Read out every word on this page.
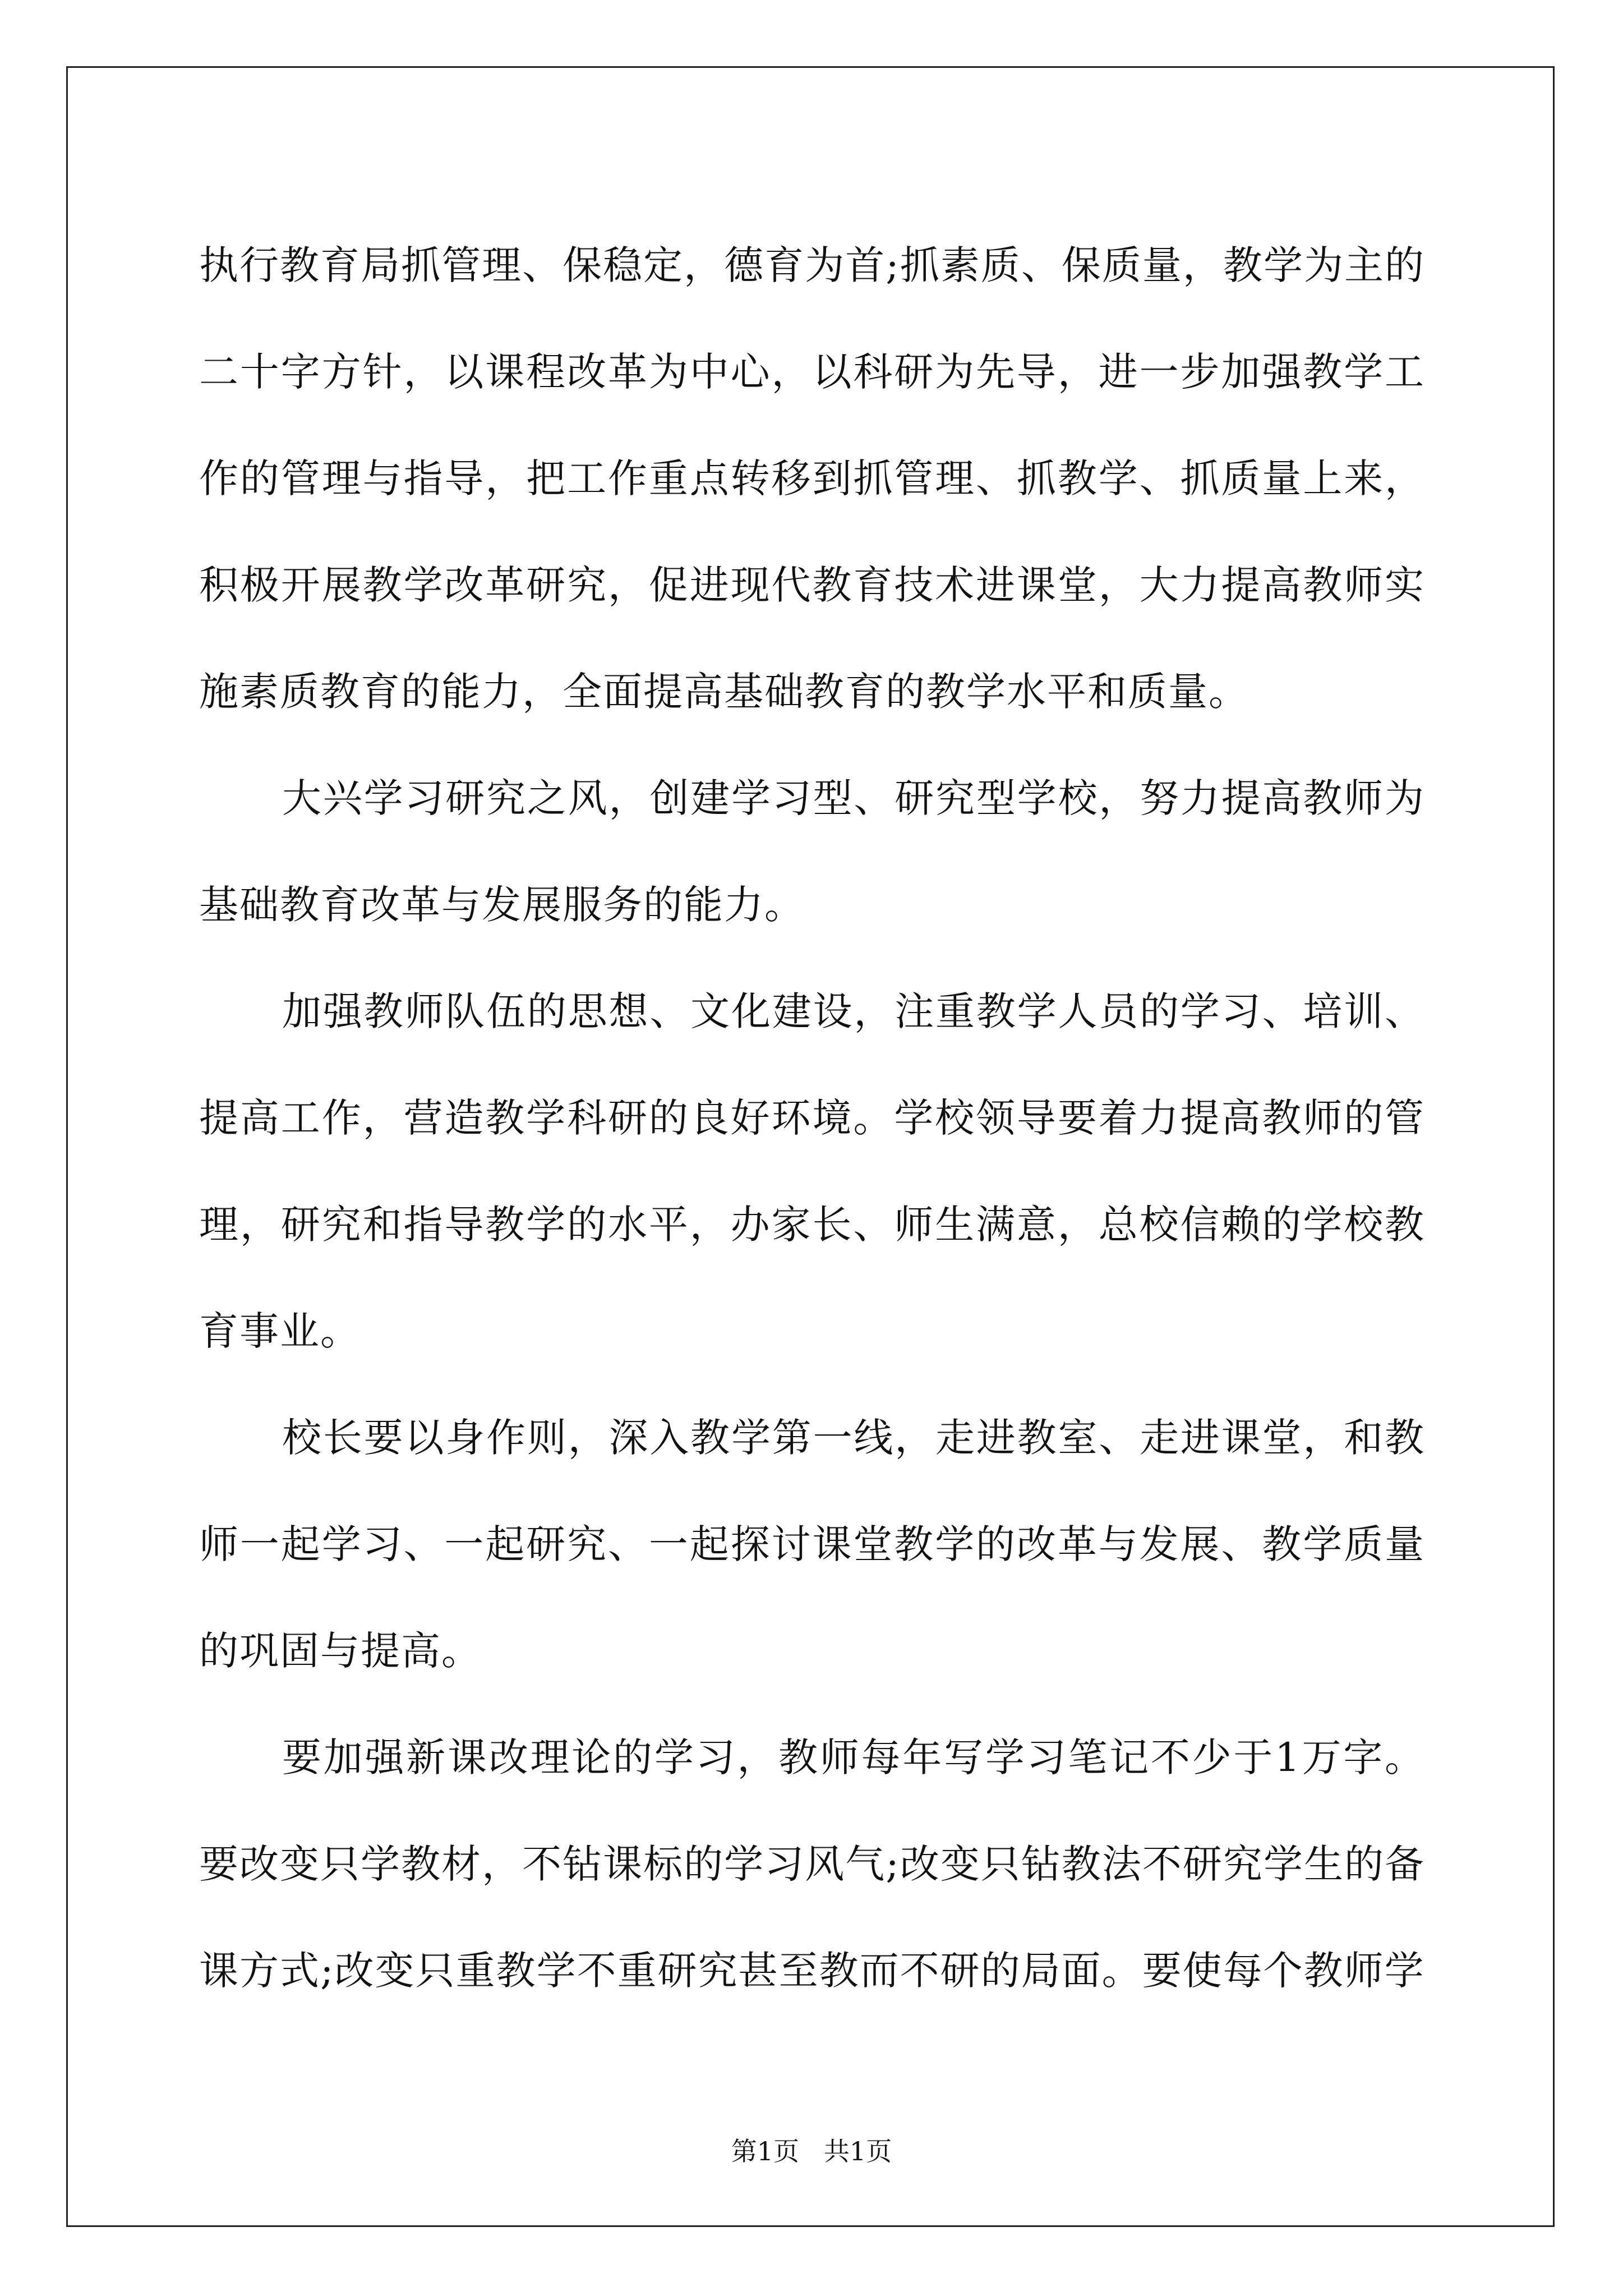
执行教育局抓管理、保稳定，德育为首;抓素质、保质量，教学为主的二十字方针，以课程改革为中心，以科研为先导，进一步加强教学工作的管理与指导，把工作重点转移到抓管理、抓教学、抓质量上来，积极开展教学改革研究，促进现代教育技术进课堂，大力提高教师实施素质教育的能力，全面提高基础教育的教学水平和质量。

大兴学习研究之风，创建学习型、研究型学校，努力提高教师为基础教育改革与发展服务的能力。

加强教师队伍的思想、文化建设，注重教学人员的学习、培训、提高工作，营造教学科研的良好环境。学校领导要着力提高教师的管理，研究和指导教学的水平，办家长、师生满意，总校信赖的学校教育事业。

校长要以身作则，深入教学第一线，走进教室、走进课堂，和教师一起学习、一起研究、一起探讨课堂教学的改革与发展、教学质量的巩固与提高。

要加强新课改理论的学习，教师每年写学习笔记不少于1万字。要改变只学教材，不钻课标的学习风气;改变只钻教法不研究学生的备课方式;改变只重教学不重研究甚至教而不研的局面。要使每个教师学

第1页   共1页
